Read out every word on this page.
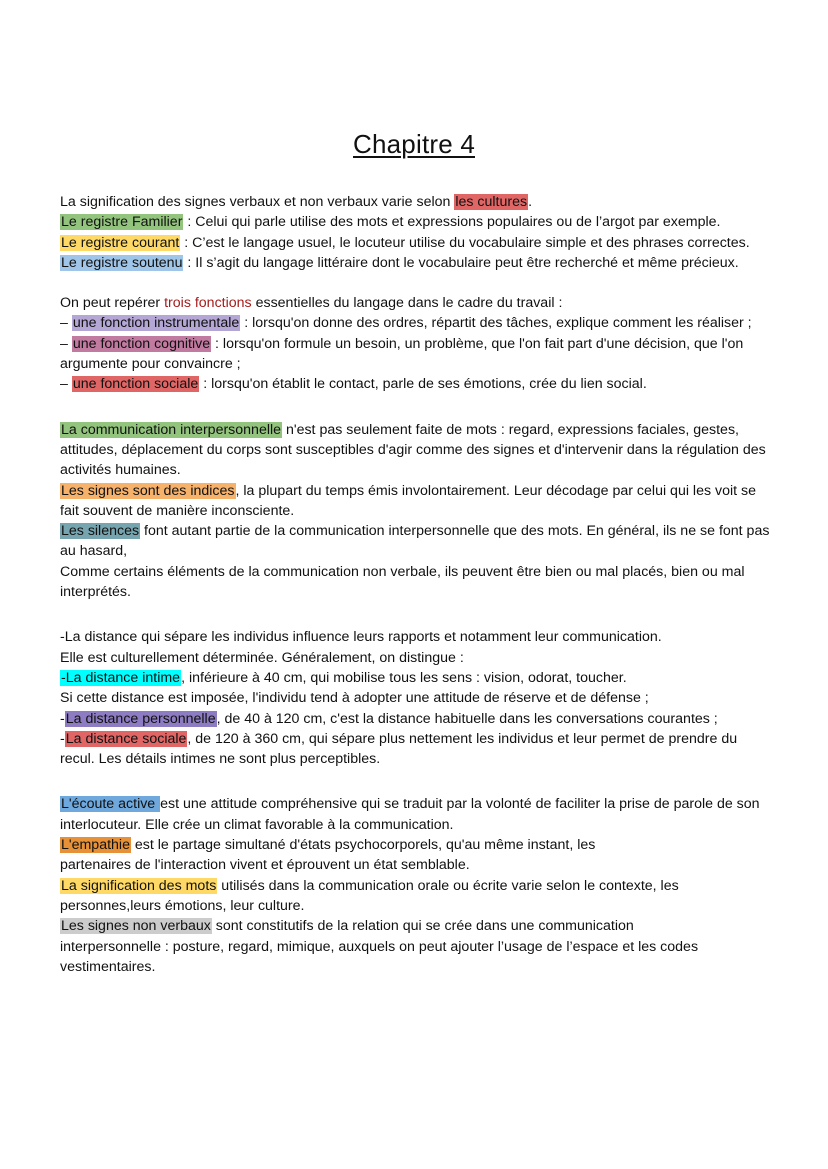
Chapitre 4

La signification des signes verbaux et non verbaux varie selon les cultures.

Le registre Familier : Celui qui parle utilise des mots et expressions populaires ou de l’argot par exemple.

Le registre courant : C’est le langage usuel, le locuteur utilise du vocabulaire simple et des phrases correctes.

Le registre soutenu : Il s’agit du langage littéraire dont le vocabulaire peut être recherché et même précieux.

On peut repérer trois fonctions essentielles du langage dans le cadre du travail :

– une fonction instrumentale : lorsqu'on donne des ordres, répartit des tâches, explique comment les réaliser ;

– une fonction cognitive : lorsqu'on formule un besoin, un problème, que l'on fait part d'une décision, que l'on argumente pour convaincre ;

– une fonction sociale : lorsqu'on établit le contact, parle de ses émotions, crée du lien social.

La communication interpersonnelle n'est pas seulement faite de mots : regard, expressions faciales, gestes, attitudes, déplacement du corps sont susceptibles d'agir comme des signes et d'intervenir dans la régulation des activités humaines.

Les signes sont des indices, la plupart du temps émis involontairement. Leur décodage par celui qui les voit se fait souvent de manière inconsciente.

Les silences font autant partie de la communication interpersonnelle que des mots. En général, ils ne se font pas au hasard,

Comme certains éléments de la communication non verbale, ils peuvent être bien ou mal placés, bien ou mal interprétés.

-La distance qui sépare les individus influence leurs rapports et notamment leur communication.

Elle est culturellement déterminée. Généralement, on distingue :

-La distance intime, inférieure à 40 cm, qui mobilise tous les sens : vision, odorat, toucher.

Si cette distance est imposée, l'individu tend à adopter une attitude de réserve et de défense ;

-La distance personnelle, de 40 à 120 cm, c'est la distance habituelle dans les conversations courantes ;

-La distance sociale, de 120 à 360 cm, qui sépare plus nettement les individus et leur permet de prendre du recul. Les détails intimes ne sont plus perceptibles.

L'écoute active est une attitude compréhensive qui se traduit par la volonté de faciliter la prise de parole de son interlocuteur. Elle crée un climat favorable à la communication.

L'empathie est le partage simultané d'états psychocorporels, qu'au même instant, les

partenaires de l'interaction vivent et éprouvent un état semblable.

La signification des mots utilisés dans la communication orale ou écrite varie selon le contexte, les personnes,leurs émotions, leur culture.

Les signes non verbaux sont constitutifs de la relation qui se crée dans une communication

interpersonnelle : posture, regard, mimique, auxquels on peut ajouter l’usage de l’espace et les codes vestimentaires.
